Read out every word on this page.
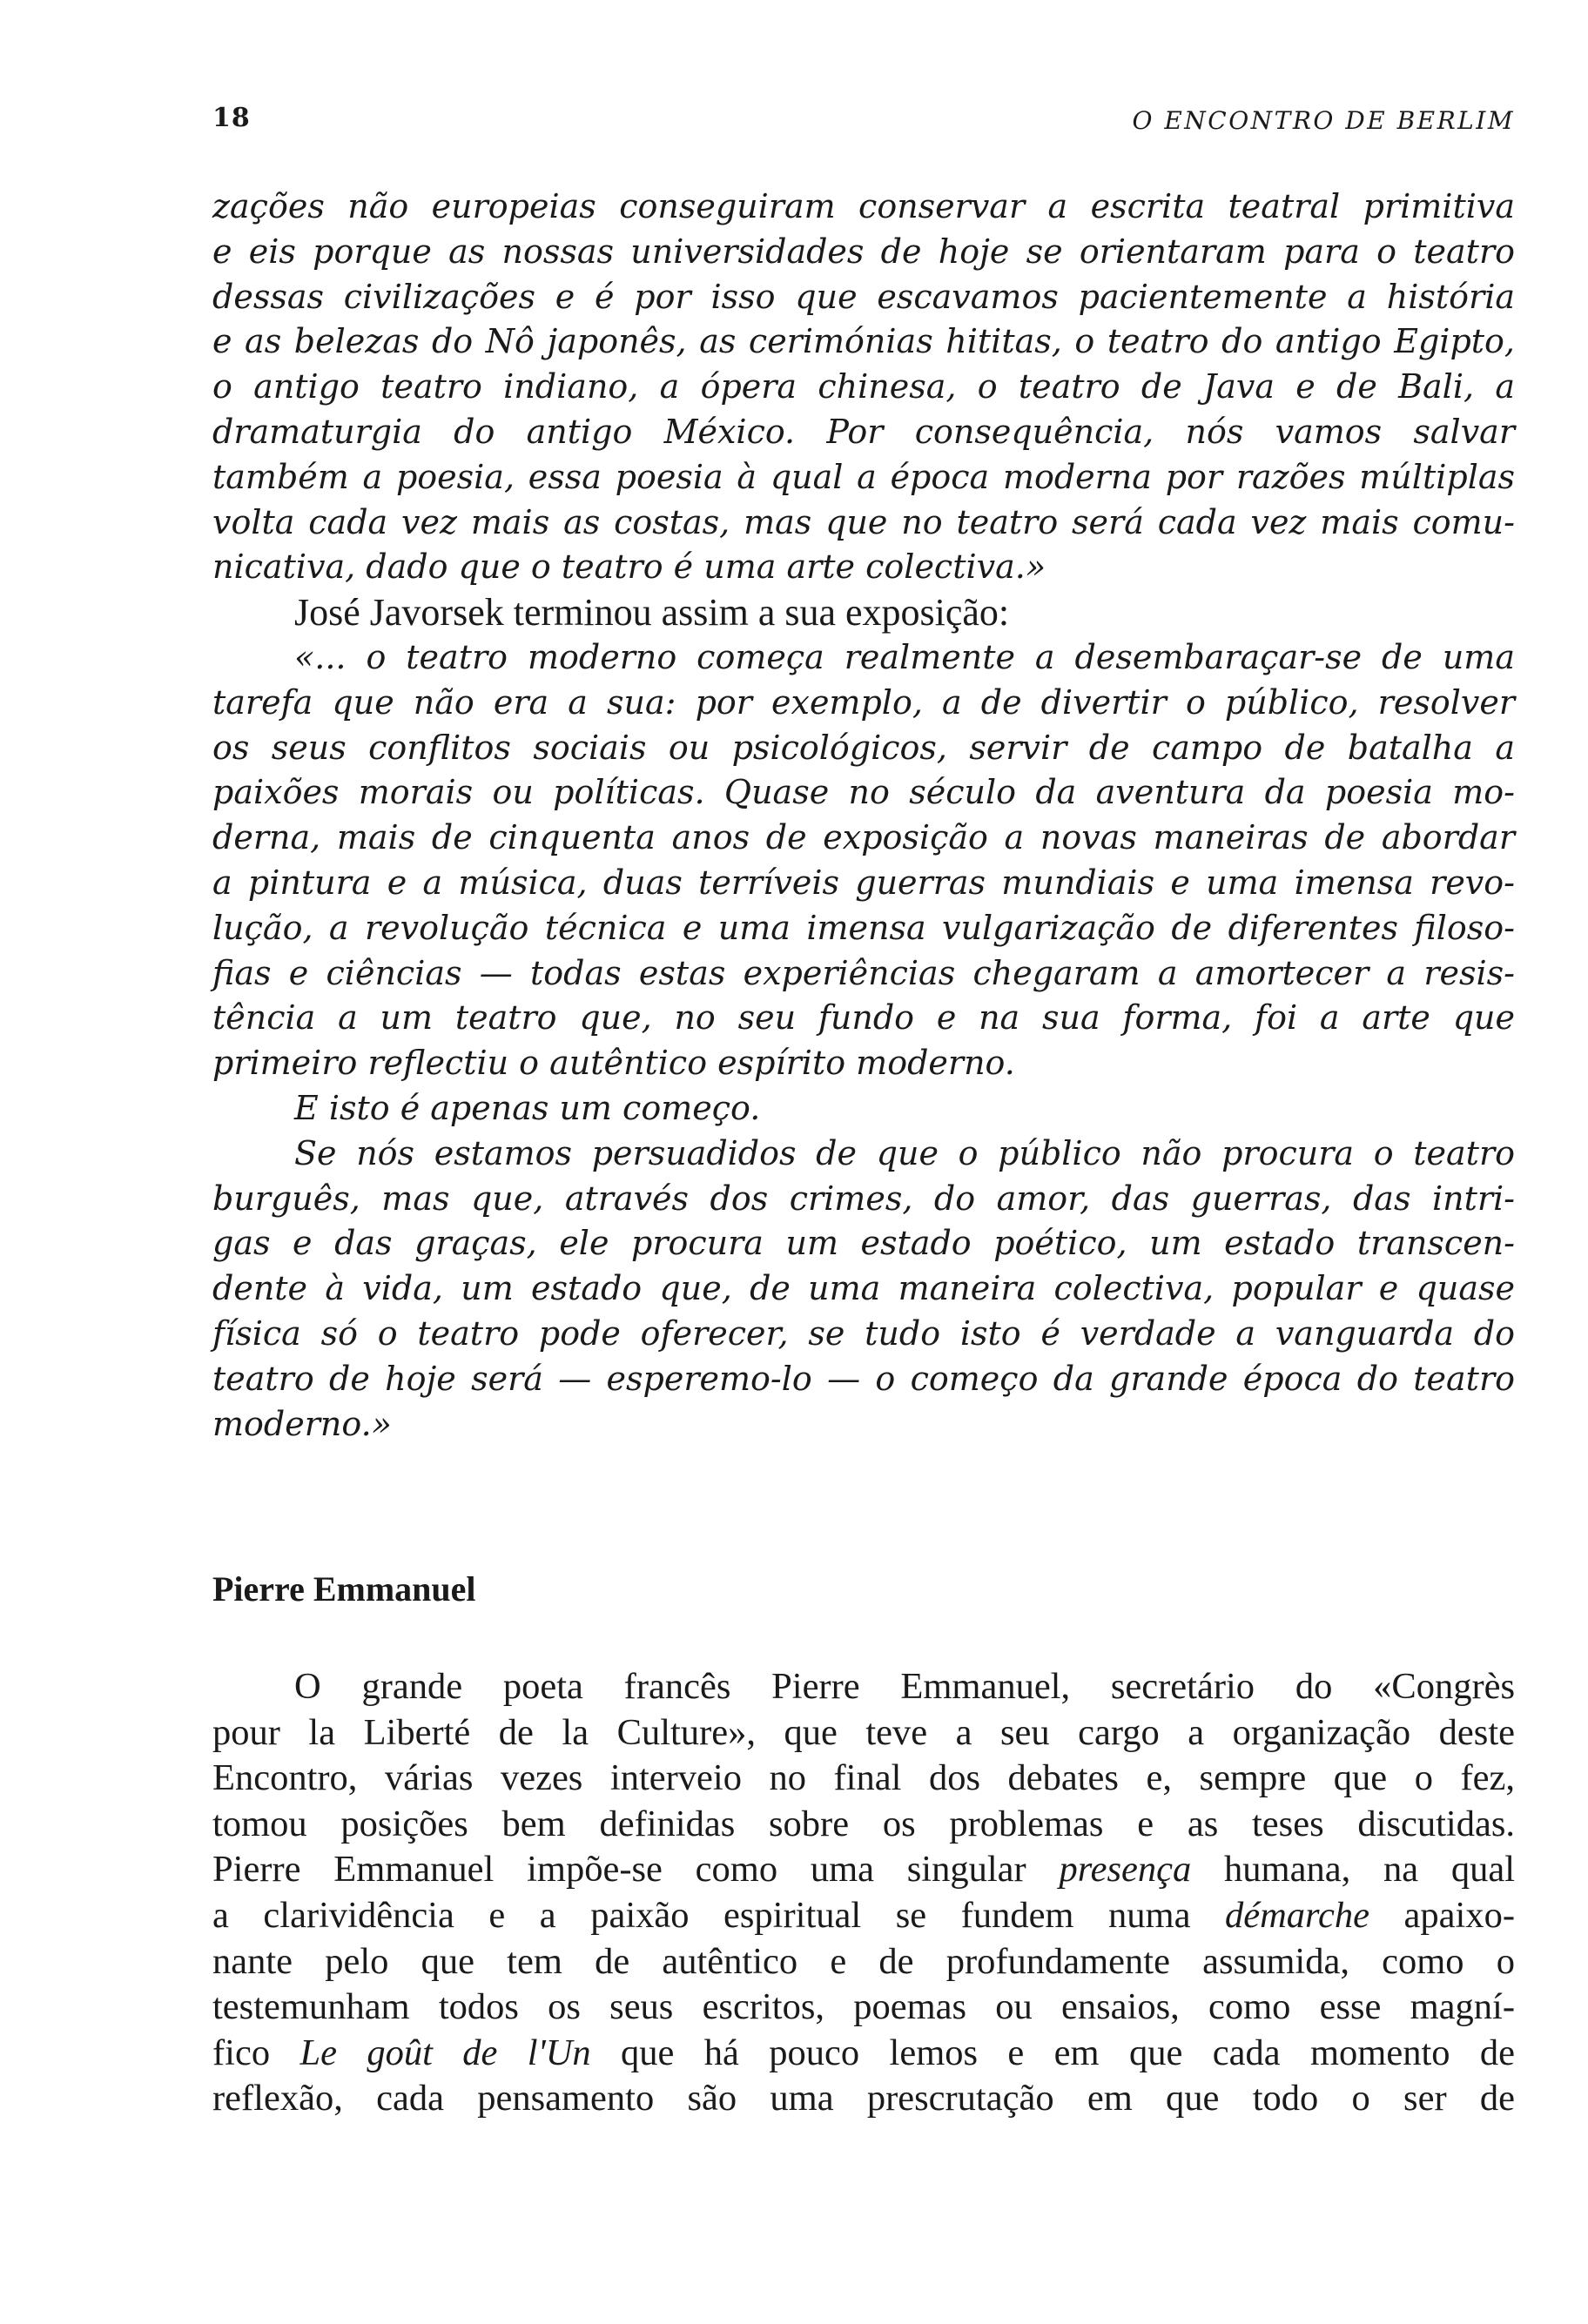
18	O ENCONTRO DE BERLIM
zações não europeias conseguiram conservar a escrita teatral primitiva
e eis porque as nossas universidades de hoje se orientaram para o teatro
dessas civilizações e é por isso que escavamos pacientemente a história
e as belezas do Nô japonês, as cerimónias hititas, o teatro do antigo Egipto,
o antigo teatro indiano, a ópera chinesa, o teatro de Java e de Bali, a
dramaturgia do antigo México. Por consequência, nós vamos salvar
também a poesia, essa poesia à qual a época moderna por razões múltiplas
volta cada vez mais as costas, mas que no teatro será cada vez mais comu-
nicativa, dado que o teatro é uma arte colectiva.»
José Javorsek terminou assim a sua exposição:
«... o teatro moderno começa realmente a desembaraçar-se de uma
tarefa que não era a sua: por exemplo, a de divertir o público, resolver
os seus conflitos sociais ou psicológicos, servir de campo de batalha a
paixões morais ou políticas. Quase no século da aventura da poesia mo-
derna, mais de cinquenta anos de exposição a novas maneiras de abordar
a pintura e a música, duas terríveis guerras mundiais e uma imensa revo-
lução, a revolução técnica e uma imensa vulgarização de diferentes filoso-
fias e ciências — todas estas experiências chegaram a amortecer a resis-
tência a um teatro que, no seu fundo e na sua forma, foi a arte que
primeiro reflectiu o autêntico espírito moderno.
E isto é apenas um começo.
Se nós estamos persuadidos de que o público não procura o teatro
burguês, mas que, através dos crimes, do amor, das guerras, das intri-
gas e das graças, ele procura um estado poético, um estado transcen-
dente à vida, um estado que, de uma maneira colectiva, popular e quase
física só o teatro pode oferecer, se tudo isto é verdade a vanguarda do
teatro de hoje será — esperemo-lo — o começo da grande época do teatro
moderno.»
Pierre Emmanuel
O grande poeta francês Pierre Emmanuel, secretário do «Congrès
pour la Liberté de la Culture», que teve a seu cargo a organização deste
Encontro, várias vezes interveio no final dos debates e, sempre que o fez,
tomou posições bem definidas sobre os problemas e as teses discutidas.
Pierre Emmanuel impõe-se como uma singular presença humana, na qual
a clarividência e a paixão espiritual se fundem numa démarche apaixo-
nante pelo que tem de autêntico e de profundamente assumida, como o
testemunham todos os seus escritos, poemas ou ensaios, como esse magní-
fico Le goût de l'Un que há pouco lemos e em que cada momento de
reflexão, cada pensamento são uma prescrutação em que todo o ser de
